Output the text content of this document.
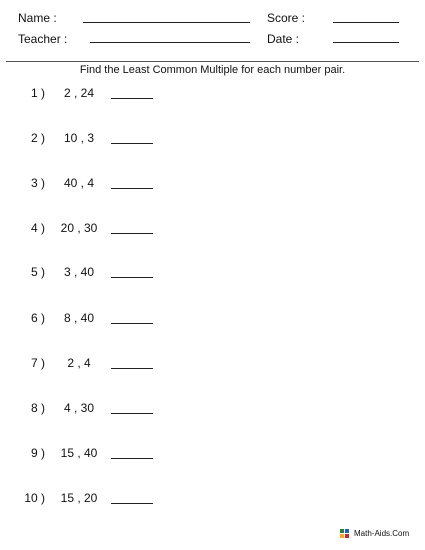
Name :	Score :
Teacher :	Date :
Find the Least Common Multiple for each number pair.
1 )	2 , 24
2 )	10 , 3
3 )	40 , 4
4 )	20 , 30
5 )	3 , 40
6 )	8 , 40
7 )	2 , 4
8 )	4 , 30
9 )	15 , 40
10 )	15 , 20
Math-Aids.Com
